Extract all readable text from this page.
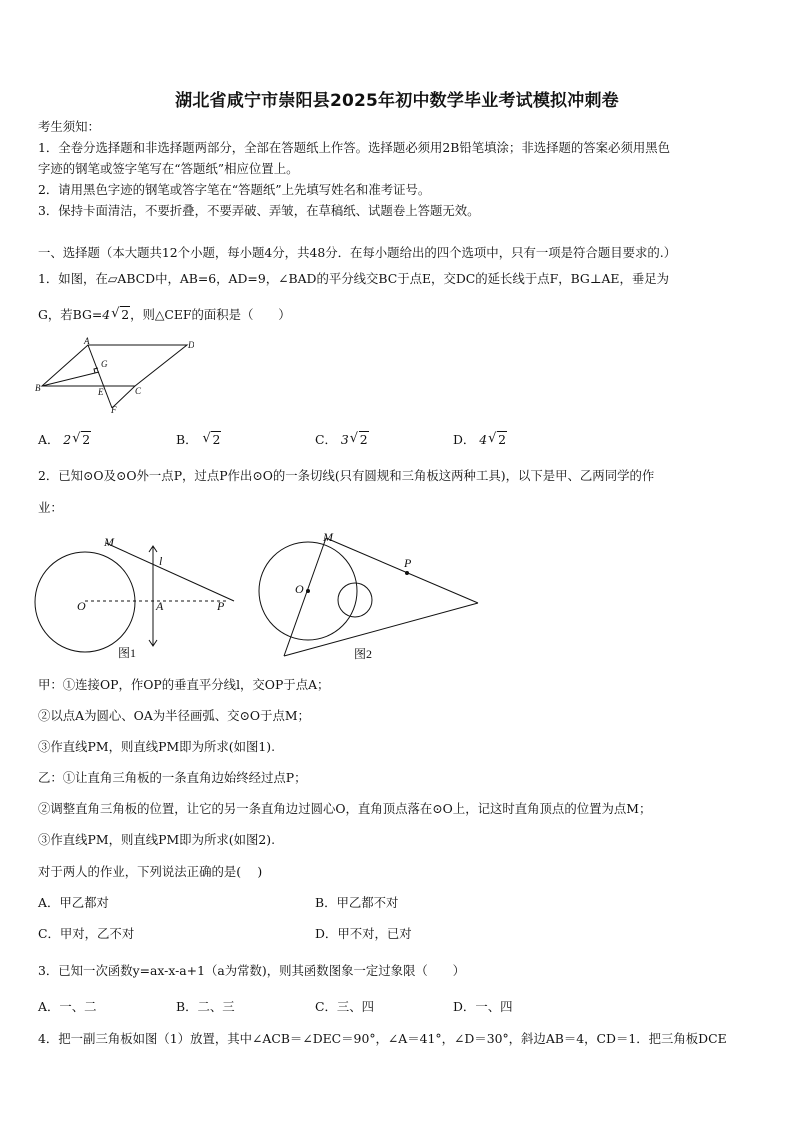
湖北省咸宁市崇阳县2025年初中数学毕业考试模拟冲刺卷
考生须知：
1．全卷分选择题和非选择题两部分，全部在答题纸上作答。选择题必须用2B铅笔填涂；非选择题的答案必须用黑色
字迹的钢笔或签字笔写在“答题纸”相应位置上。
2．请用黑色字迹的钢笔或答字笔在“答题纸”上先填写姓名和准考证号。
3．保持卡面清洁，不要折叠，不要弄破、弄皱，在草稿纸、试题卷上答题无效。
一、选择题（本大题共12个小题，每小题4分，共48分．在每小题给出的四个选项中，只有一项是符合题目要求的.）
1．如图，在▱ABCD中，AB=6，AD=9，∠BAD的平分线交BC于点E，交DC的延长线于点F，BG⊥AE，垂足为
G，若BG=4 √ 2，则△CEF的面积是（　　）
A	D
B	C
E
F
G
A． 2 √ 2	B． √ 2	C． 3 √ 2	D． 4 √ 2
2．已知⊙O及⊙O外一点P，过点P作出⊙O的一条切线(只有圆规和三角板这两种工具)，以下是甲、乙两同学的作
业：
M
l
O	A	P
图1
M
P
O
图2
甲：①连接OP，作OP的垂直平分线l，交OP于点A；
②以点A为圆心、OA为半径画弧、交⊙O于点M；
③作直线PM，则直线PM即为所求(如图1).
乙：①让直角三角板的一条直角边始终经过点P；
②调整直角三角板的位置，让它的另一条直角边过圆心O，直角顶点落在⊙O上，记这时直角顶点的位置为点M；
③作直线PM，则直线PM即为所求(如图2).
对于两人的作业，下列说法正确的是(　 )
A．甲乙都对	B．甲乙都不对
C．甲对，乙不对	D．甲不对，已对
3．已知一次函数y=ax-x-a+1（a为常数)，则其函数图象一定过象限（　　）
A．一、二	B．二、三	C．三、四	D．一、四
4．把一副三角板如图（1）放置，其中∠ACB＝∠DEC＝90°，∠A＝41°，∠D＝30°，斜边AB＝4，CD＝1．把三角板DCE
